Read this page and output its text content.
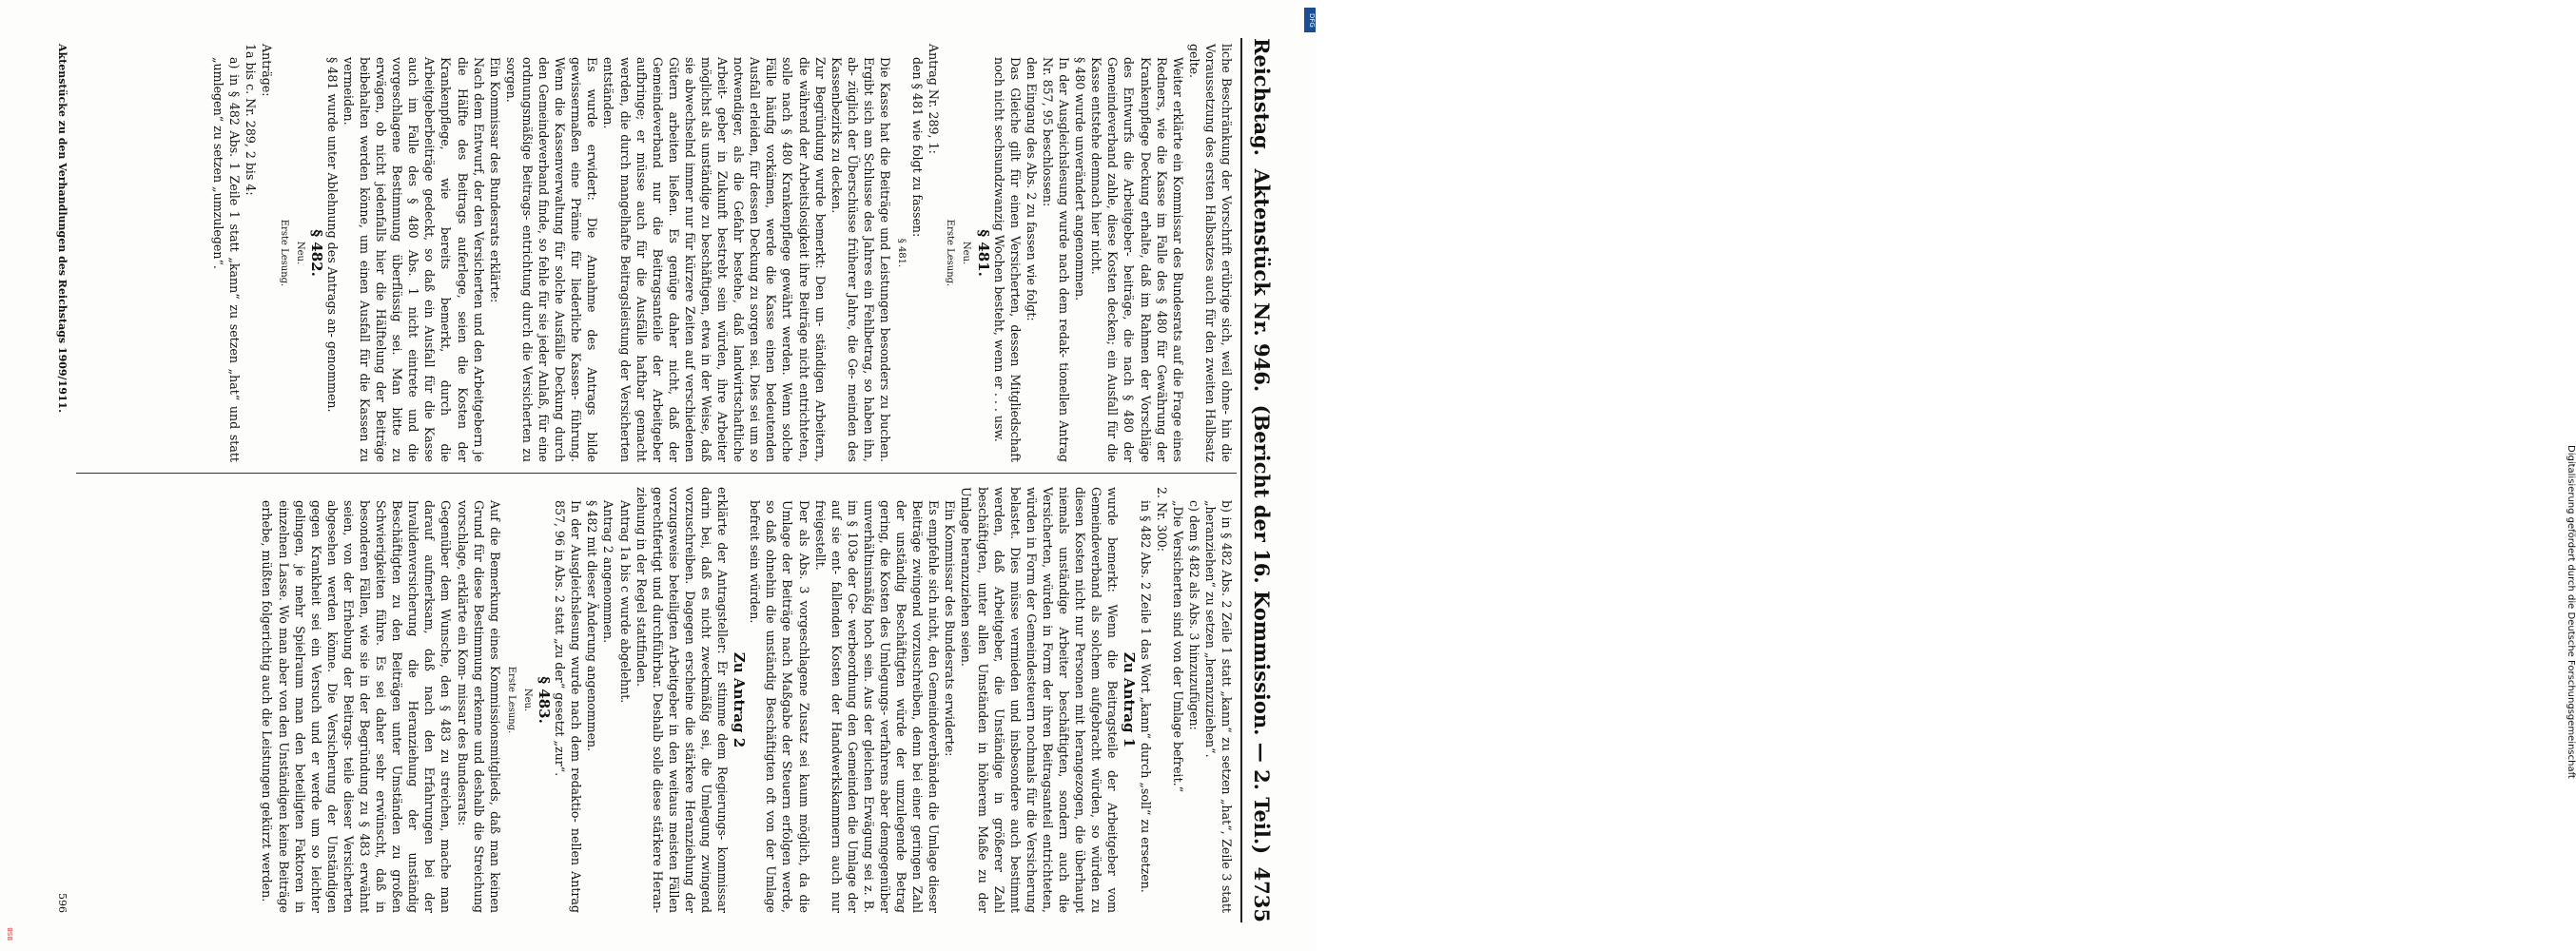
Reichstag.
Aktenstück Nr. 946.
(Bericht der 16. Kommission. — 2. Teil.)
4735

liche Beschränkung der Vorschrift erübrige sich, weil ohne- hin die Voraussetzung des ersten Halbsatzes auch für den zweiten Halbsatz gelte.

Weiter erklärte ein Kommissar des Bundesrats auf die Frage eines Redners, wie die Kasse im Falle des § 480 für Gewährung der Krankenpflege Deckung erhalte, daß im Rahmen der Vorschläge des Entwurfs die Arbeitgeber- beiträge, die nach § 480 der Gemeindeverband zahle, diese Kosten decken; ein Ausfall für die Kasse entstehe demnach hier nicht.

§ 480 wurde unverändert angenommen.

In der Ausgleichslesung wurde nach dem redak- tionellen Antrag Nr. 857, 95 beschlossen:

den Eingang des Abs. 2 zu fassen wie folgt:

Das Gleiche gilt für einen Versicherten, dessen Mitgliedschaft noch nicht sechsundzwanzig Wochen besteht, wenn er . . . usw.

§ 481.

Neu.

Erste Lesung.

Antrag Nr. 289, 1:

den § 481 wie folgt zu fassen:

§ 481.

Die Kasse hat die Beiträge und Leistungen besonders zu buchen. Ergibt sich am Schlusse des Jahres ein Fehlbetrag, so haben ihn, ab- züglich der Überschüsse früherer Jahre, die Ge- meinden des Kassenbezirks zu decken.

Zur Begründung wurde bemerkt: Den un- ständigen Arbeitern, die während der Arbeitslosigkeit ihre Beiträge nicht entrichteten, solle nach § 480 Krankenpflege gewährt werden. Wenn solche Fälle häufig vorkämen, werde die Kasse einen bedeutenden Ausfall erleiden, für dessen Deckung zu sorgen sei. Dies sei um so notwendiger, als die Gefahr bestehe, daß landwirtschaftliche Arbeit- geber in Zukunft bestrebt sein würden, ihre Arbeiter möglichst als unständige zu beschäftigen, etwa in der Weise, daß sie abwechselnd immer nur für kürzere Zeiten auf verschiedenen Gütern arbeiten ließen. Es genüge daher nicht, daß der Gemeindeverband nur die Beitragsanteile der Arbeitgeber aufbringe; er müsse auch für die Ausfälle haftbar gemacht werden, die durch mangelhafte Beitragsleistung der Versicherten entständen.

Es wurde erwidert: Die Annahme des Antrags bilde gewissermaßen eine Prämie für liederliche Kassen- führung. Wenn die Kassenverwaltung für solche Ausfälle Deckung durch den Gemeindeverband finde, so fehle für sie jeder Anlaß, für eine ordnungsmäßige Beitrags- entrichtung durch die Versicherten zu sorgen.

Ein Kommissar des Bundesrats erklärte:

Nach dem Entwurf, der den Versicherten und den Arbeitgebern je die Hälfte des Beitrags auferlege, seien die Kosten der Krankenpflege, wie bereits bemerkt, durch die Arbeitgeberbeiträge gedeckt, so daß ein Ausfall für die Kasse auch im Falle des § 480 Abs. 1 nicht eintrete und die vorgeschlagene Bestimmung überflüssig sei. Man bitte zu erwägen, ob nicht jedenfalls hier die Hälftelung der Beiträge beibehalten werden könne, um einen Ausfall für die Kassen zu vermeiden.

§ 481 wurde unter Ablehnung des Antrags an- genommen.

§ 482.

Neu.

Erste Lesung.

Anträge:

1a bis c. Nr. 289, 2 bis 4:

a) in § 482 Abs. 1 Zeile 1 statt „kann“ zu setzen „hat“ und statt „umlegen“ zu setzen „umzulegen“.

b) in § 482 Abs. 2 Zeile 1 statt „kann“ zu setzen „hat“, Zeile 3 statt „heranziehen“ zu setzen „heranzuziehen“.

c) dem § 482 als Abs. 3 hinzuzufügen:

„Die Versicherten sind von der Umlage befreit.“

2. Nr. 300:

in § 482 Abs. 2 Zeile 1 das Wort „kann“ durch „soll“ zu ersetzen.

Zu Antrag 1

wurde bemerkt: Wenn die Beitragsteile der Arbeitgeber vom Gemeindeverband als solchem aufgebracht würden, so würden zu diesen Kosten nicht nur Personen mit herangezogen, die überhaupt niemals unständige Arbeiter beschäftigten, sondern auch die Versicherten, würden in Form der ihren Beitragsanteil entrichteten, würden in Form der Gemeindesteuern nochmals für die Versicherung belastet. Dies müsse vermieden und insbesondere auch bestimmt werden, daß Arbeitgeber, die Unständige in größerer Zahl beschäftigten, unter allen Umständen in höherem Maße zu der Umlage heranzuziehen seien.

Ein Kommissar des Bundesrats erwiderte:

Es empfehle sich nicht, den Gemeindeverbänden die Umlage dieser Beiträge zwingend vorzuschreiben, denn bei einer geringen Zahl der unständig Beschäftigten würde der umzulegende Betrag gering, die Kosten des Umlegungs- verfahrens aber demgegenüber unverhältnismäßig hoch sein. Aus der gleichen Erwägung sei z. B. im § 103e der Ge- werbeordnung den Gemeinden die Umlage der auf sie ent- fallenden Kosten der Handwerkskammern auch nur freigestellt.

Der als Abs. 3 vorgeschlagene Zusatz sei kaum möglich, da die Umlage der Beiträge nach Maßgabe der Steuern erfolgen werde, so daß ohnehin die unständig Beschäftigten oft von der Umlage befreit sein würden.

Zu Antrag 2

erklärte der Antragsteller: Er stimme dem Regierungs- kommissar darin bei, daß es nicht zweckmäßig sei, die Umlegung zwingend vorzuschreiben. Dagegen erscheine die stärkere Heranziehung der vorzugsweise beteiligten Arbeitgeber in den weitaus meisten Fällen gerechtfertigt und durchführbar. Deshalb solle diese stärkere Heran- ziehung in der Regel stattfinden.

Antrag 1a bis c wurde abgelehnt.

Antrag 2 angenommen.

§ 482 mit dieser Änderung angenommen.

In der Ausgleichslesung wurde nach dem redaktio- nellen Antrag 857, 96 in Abs. 2 statt „zu der“ gesetzt „zur“.

§ 483.

Neu.

Erste Lesung.

Auf die Bemerkung eines Kommissionsmitglieds, daß man keinen Grund für diese Bestimmung erkenne und deshalb die Streichung vorschlage, erklärte ein Kom- missar des Bundesrats:

Gegenüber dem Wunsche, den § 483 zu streichen, mache man darauf aufmerksam, daß nach den Erfahrungen bei der Invalidenversicherung die Heranziehung der unständig Beschäftigten zu den Beiträgen unter Umständen zu großen Schwierigkeiten führe. Es sei daher sehr erwünscht, daß in besonderen Fällen, wie sie in der Begründung zu § 483 erwähnt seien, von der Erhebung der Beitrags- teile dieser Versicherten abgesehen werden könne. Die Versicherung der Unständigen gegen Krankheit sei ein Versuch und er werde um so leichter gelingen, je mehr Spielraum man den beteiligten Faktoren in einzelnen Lasse. Wo man aber von den Unständigen keine Beiträge erhebe, müßten folgerichtig auch die Leistungen gekürzt werden.

Aktenstücke zu den Verhandlungen des Reichstags 1909/1911.
596
Digitalisierung gefördert durch die Deutsche Forschungsgemeinschaft
DFG
BSB
